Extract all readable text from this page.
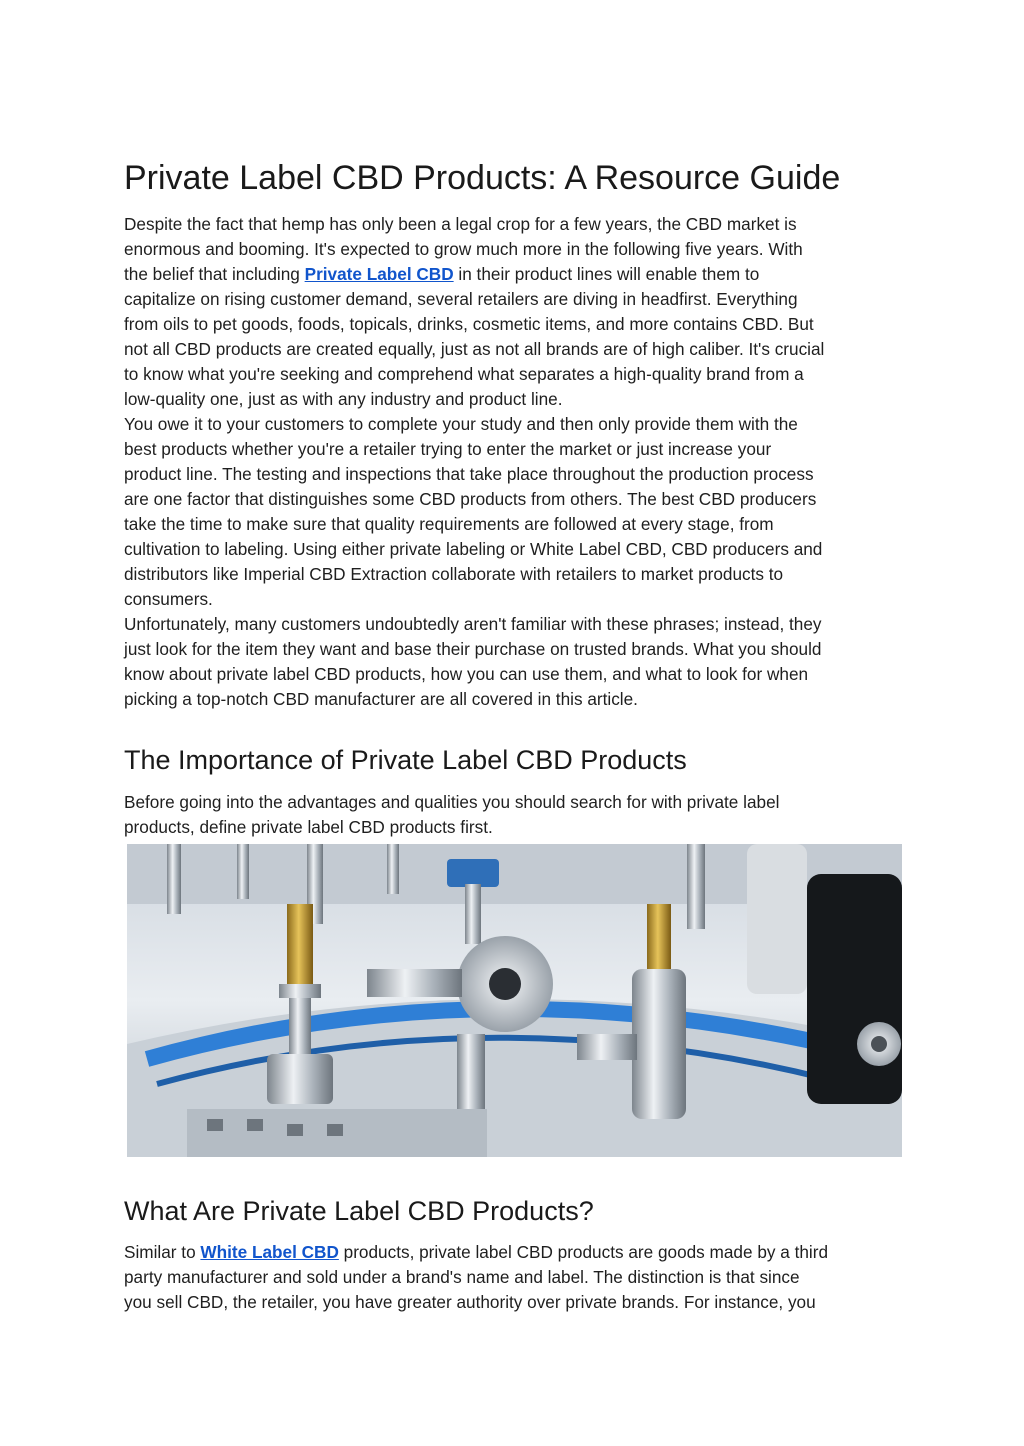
Private Label CBD Products: A Resource Guide
Despite the fact that hemp has only been a legal crop for a few years, the CBD market is
enormous and booming. It's expected to grow much more in the following five years. With
the belief that including Private Label CBD in their product lines will enable them to
capitalize on rising customer demand, several retailers are diving in headfirst. Everything
from oils to pet goods, foods, topicals, drinks, cosmetic items, and more contains CBD. But
not all CBD products are created equally, just as not all brands are of high caliber. It's crucial
to know what you're seeking and comprehend what separates a high-quality brand from a
low-quality one, just as with any industry and product line.
You owe it to your customers to complete your study and then only provide them with the
best products whether you're a retailer trying to enter the market or just increase your
product line. The testing and inspections that take place throughout the production process
are one factor that distinguishes some CBD products from others. The best CBD producers
take the time to make sure that quality requirements are followed at every stage, from
cultivation to labeling. Using either private labeling or White Label CBD, CBD producers and
distributors like Imperial CBD Extraction collaborate with retailers to market products to
consumers.
Unfortunately, many customers undoubtedly aren't familiar with these phrases; instead, they
just look for the item they want and base their purchase on trusted brands. What you should
know about private label CBD products, how you can use them, and what to look for when
picking a top-notch CBD manufacturer are all covered in this article.
The Importance of Private Label CBD Products
Before going into the advantages and qualities you should search for with private label
products, define private label CBD products first.
What Are Private Label CBD Products?
Similar to White Label CBD products, private label CBD products are goods made by a third
party manufacturer and sold under a brand's name and label. The distinction is that since
you sell CBD, the retailer, you have greater authority over private brands. For instance, you
